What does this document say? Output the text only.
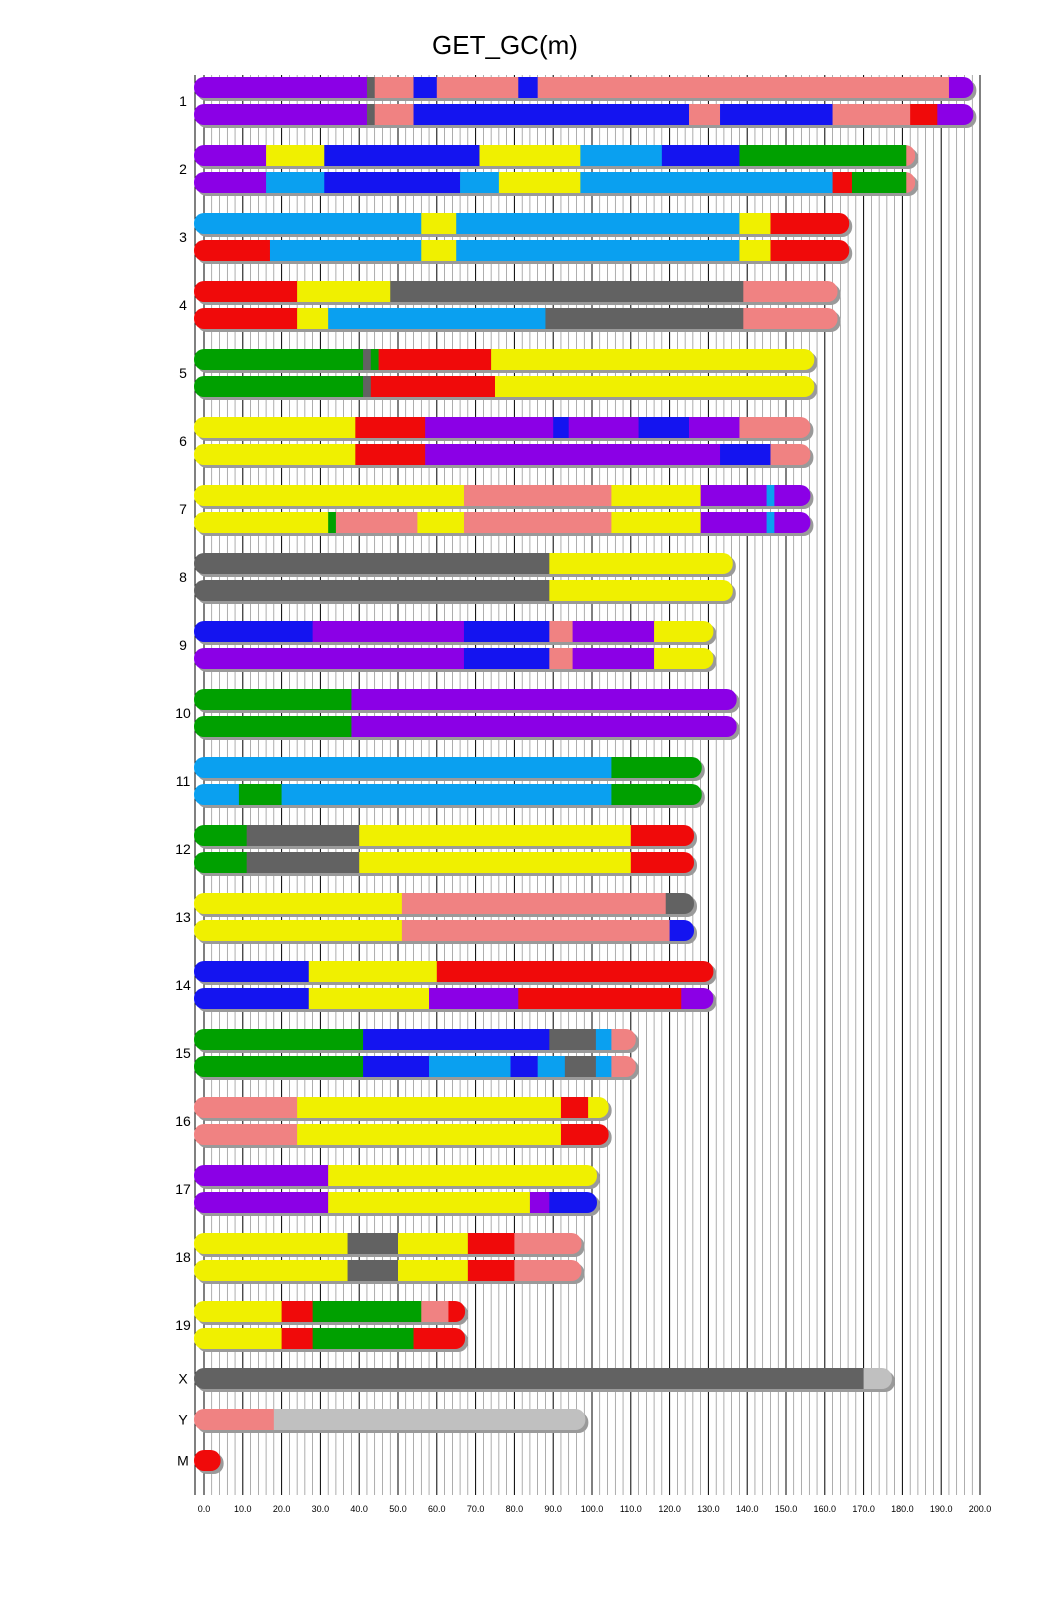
GET_GC(m)
0.0	10.0 20.0 30.0 40.0 50.0 60.0 70.0 80.0 90.0 100.0 110.0 120.0 130.0 140.0 150.0 160.0 170.0 180.0 190.0 200.0
1
2
3
4
5
6
7
8
9
10
11
12
13
14
15
16
17
18
19
X
Y
M
